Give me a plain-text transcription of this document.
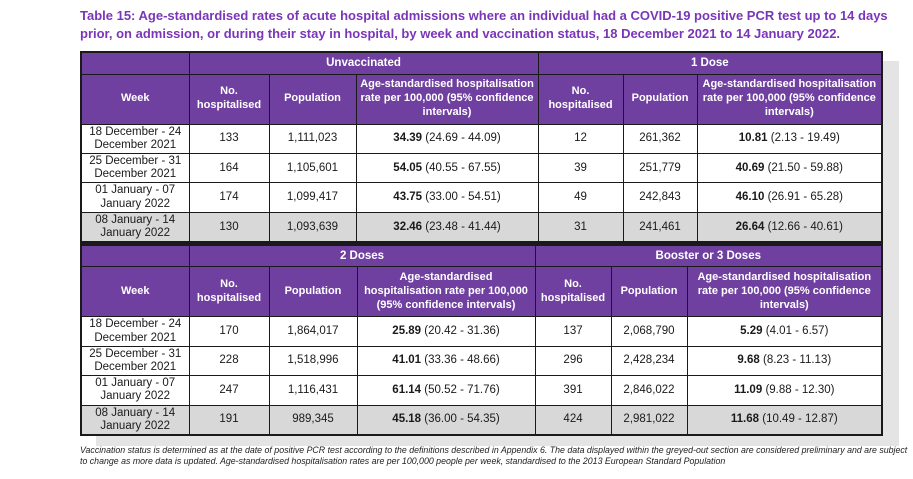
Table 15: Age-standardised rates of acute hospital admissions where an individual had a COVID-19 positive PCR test up to 14 days prior, on admission, or during their stay in hospital, by week and vaccination status, 18 December 2021 to 14 January 2022.
	Unvaccinated			1 Dose		
Week	No. hospitalised	Population	Age-standardised hospitalisation rate per 100,000 (95% confidence intervals)	No. hospitalised	Population	Age-standardised hospitalisation rate per 100,000 (95% confidence intervals)
18 December - 24 December 2021	133	1,111,023	34.39 (24.69 - 44.09)	12	261,362	10.81 (2.13 - 19.49)
25 December - 31 December 2021	164	1,105,601	54.05 (40.55 - 67.55)	39	251,779	40.69 (21.50 - 59.88)
01 January - 07 January 2022	174	1,099,417	43.75 (33.00 - 54.51)	49	242,843	46.10 (26.91 - 65.28)
08 January - 14 January 2022	130	1,093,639	32.46 (23.48 - 41.44)	31	241,461	26.64 (12.66 - 40.61)
	2 Doses			Booster or 3 Doses		
Week	No. hospitalised	Population	Age-standardised hospitalisation rate per 100,000 (95% confidence intervals)	No. hospitalised	Population	Age-standardised hospitalisation rate per 100,000 (95% confidence intervals)
18 December - 24 December 2021	170	1,864,017	25.89 (20.42 - 31.36)	137	2,068,790	5.29 (4.01 - 6.57)
25 December - 31 December 2021	228	1,518,996	41.01 (33.36 - 48.66)	296	2,428,234	9.68 (8.23 - 11.13)
01 January - 07 January 2022	247	1,116,431	61.14 (50.52 - 71.76)	391	2,846,022	11.09 (9.88 - 12.30)
08 January - 14 January 2022	191	989,345	45.18 (36.00 - 54.35)	424	2,981,022	11.68 (10.49 - 12.87)
Vaccination status is determined as at the date of positive PCR test according to the definitions described in Appendix 6. The data displayed within the greyed-out section are considered preliminary and are subject to change as more data is updated. Age-standardised hospitalisation rates are per 100,000 people per week, standardised to the 2013 European Standard Population
